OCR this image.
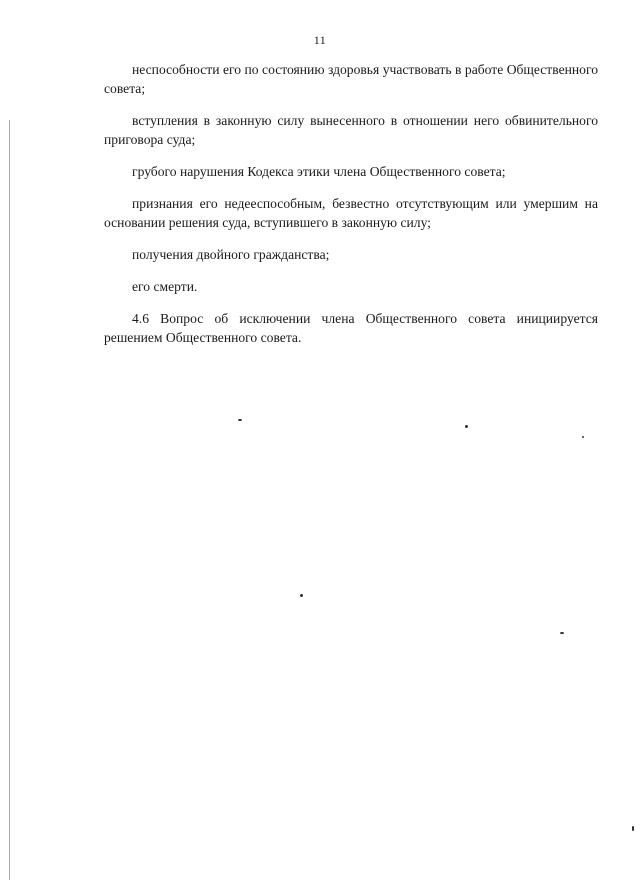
11

неспособности его по состоянию здоровья участвовать в работе Общественного совета;

вступления в законную силу вынесенного в отношении него обвинительного приговора суда;

грубого нарушения Кодекса этики члена Общественного совета;

признания его недееспособным, безвестно отсутствующим или умершим на основании решения суда, вступившего в законную силу;

получения двойного гражданства;

его смерти.

4.6 Вопрос об исключении члена Общественного совета инициируется решением Общественного совета.
